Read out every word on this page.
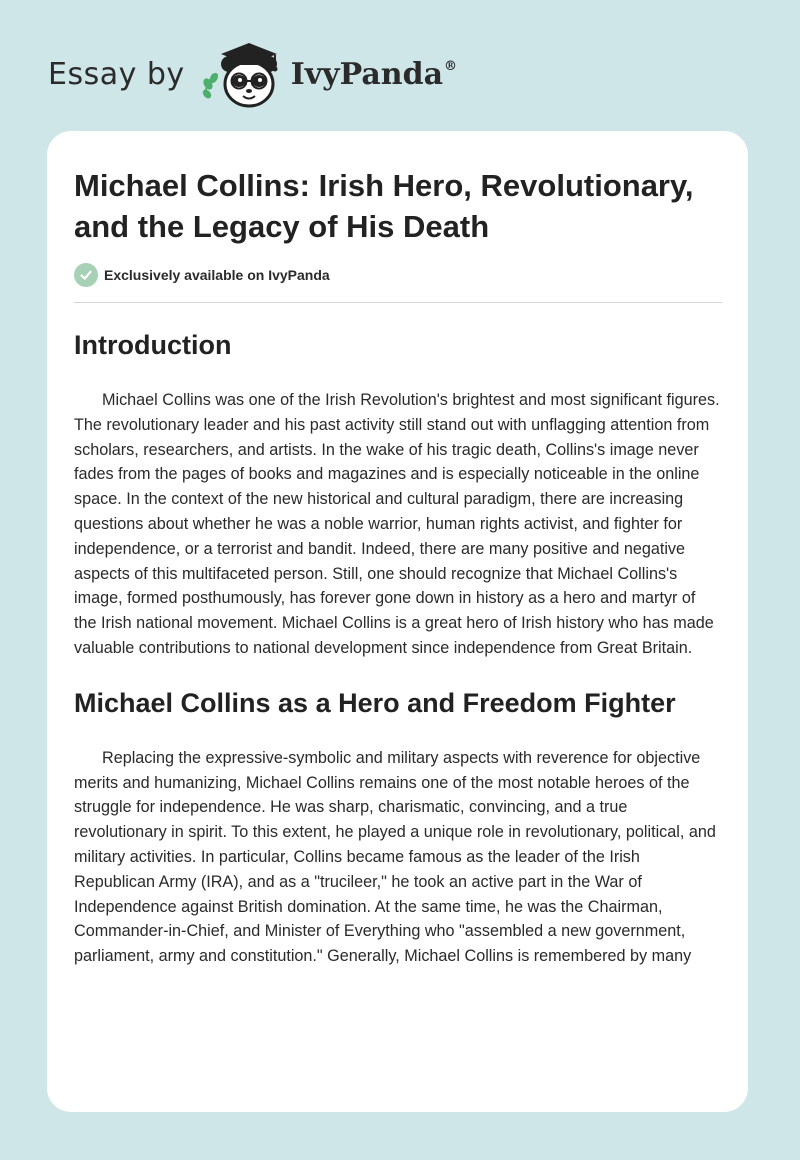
Essay by	IvyPanda®
Michael Collins: Irish Hero, Revolutionary, and the Legacy of His Death
Exclusively available on IvyPanda
Introduction

Michael Collins was one of the Irish Revolution's brightest and most significant figures. The revolutionary leader and his past activity still stand out with unflagging attention from scholars, researchers, and artists. In the wake of his tragic death, Collins's image never fades from the pages of books and magazines and is especially noticeable in the online space. In the context of the new historical and cultural paradigm, there are increasing questions about whether he was a noble warrior, human rights activist, and fighter for independence, or a terrorist and bandit. Indeed, there are many positive and negative aspects of this multifaceted person. Still, one should recognize that Michael Collins's image, formed posthumously, has forever gone down in history as a hero and martyr of the Irish national movement. Michael Collins is a great hero of Irish history who has made valuable contributions to national development since independence from Great Britain.

Michael Collins as a Hero and Freedom Fighter

Replacing the expressive-symbolic and military aspects with reverence for objective merits and humanizing, Michael Collins remains one of the most notable heroes of the struggle for independence. He was sharp, charismatic, convincing, and a true revolutionary in spirit. To this extent, he played a unique role in revolutionary, political, and military activities. In particular, Collins became famous as the leader of the Irish Republican Army (IRA), and as a "trucileer," he took an active part in the War of Independence against British domination. At the same time, he was the Chairman, Commander-in-Chief, and Minister of Everything who "assembled a new government, parliament, army and constitution." Generally, Michael Collins is remembered by many
